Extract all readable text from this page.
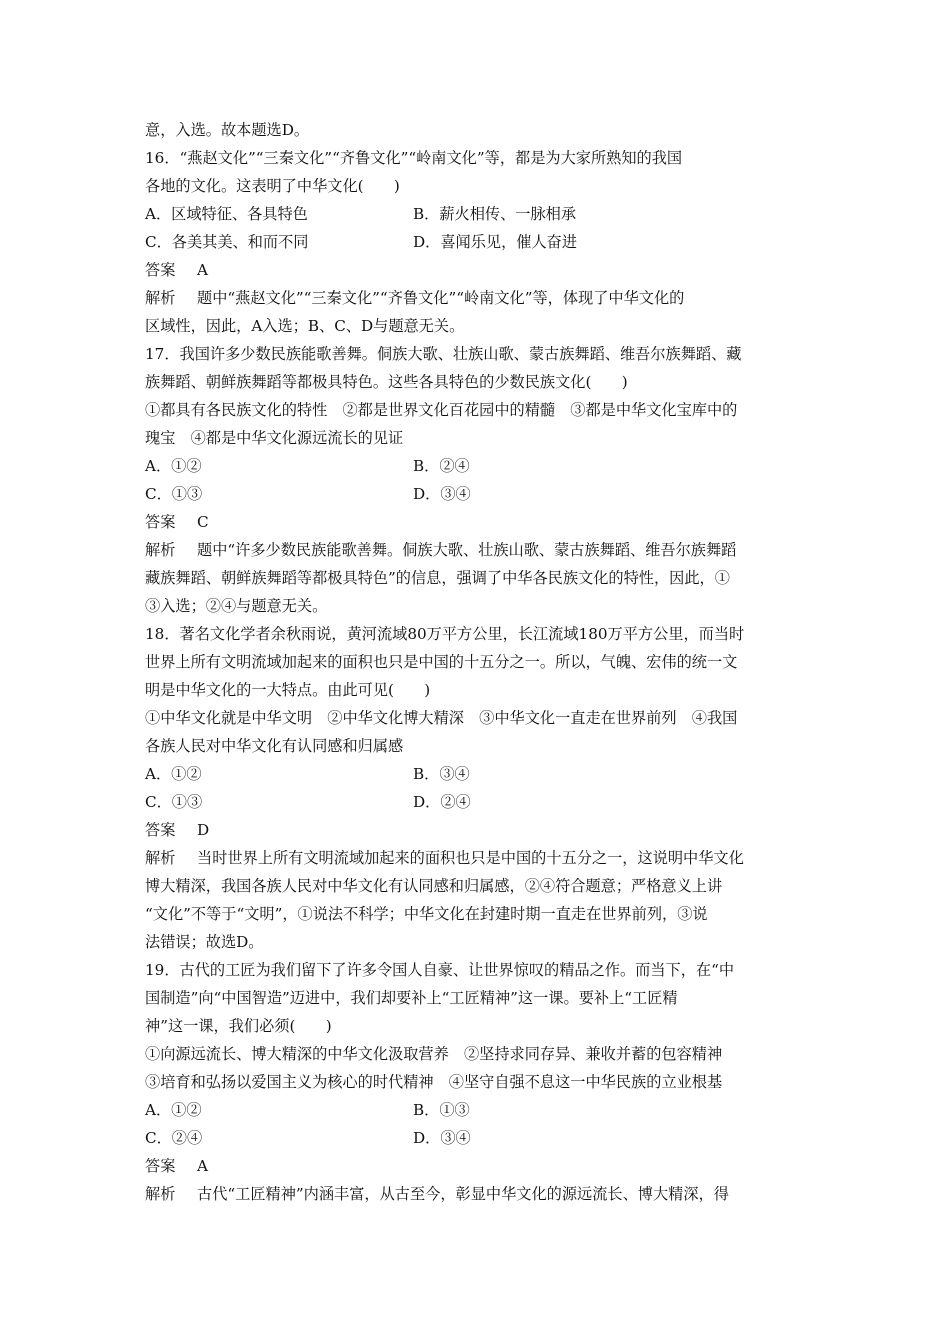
意，入选。故本题选D。
16．“燕赵文化”“三秦文化”“齐鲁文化”“岭南文化”等，都是为大家所熟知的我国
各地的文化。这表明了中华文化(　　)
A．区域特征、各具特色	B．薪火相传、一脉相承
C．各美其美、和而不同	D．喜闻乐见，催人奋进
答案 A
解析 题中“燕赵文化”“三秦文化”“齐鲁文化”“岭南文化”等，体现了中华文化的
区域性，因此，A入选；B、C、D与题意无关。
17．我国许多少数民族能歌善舞。侗族大歌、壮族山歌、蒙古族舞蹈、维吾尔族舞蹈、藏
族舞蹈、朝鲜族舞蹈等都极具特色。这些各具特色的少数民族文化(　　)
①都具有各民族文化的特性　②都是世界文化百花园中的精髓　③都是中华文化宝库中的
瑰宝　④都是中华文化源远流长的见证
A．①②	B．②④
C．①③	D．③④
答案 C
解析 题中“许多少数民族能歌善舞。侗族大歌、壮族山歌、蒙古族舞蹈、维吾尔族舞蹈
藏族舞蹈、朝鲜族舞蹈等都极具特色”的信息，强调了中华各民族文化的特性，因此，①
③入选；②④与题意无关。
18．著名文化学者余秋雨说，黄河流域80万平方公里，长江流域180万平方公里，而当时
世界上所有文明流域加起来的面积也只是中国的十五分之一。所以，气魄、宏伟的统一文
明是中华文化的一大特点。由此可见(　　)
①中华文化就是中华文明　②中华文化博大精深　③中华文化一直走在世界前列　④我国
各族人民对中华文化有认同感和归属感
A．①②	B．③④
C．①③	D．②④
答案 D
解析 当时世界上所有文明流域加起来的面积也只是中国的十五分之一，这说明中华文化
博大精深，我国各族人民对中华文化有认同感和归属感，②④符合题意；严格意义上讲
“文化”不等于“文明”，①说法不科学；中华文化在封建时期一直走在世界前列，③说
法错误；故选D。
19．古代的工匠为我们留下了许多令国人自豪、让世界惊叹的精品之作。而当下，在“中
国制造”向“中国智造”迈进中，我们却要补上“工匠精神”这一课。要补上“工匠精
神”这一课，我们必须(　　)
①向源远流长、博大精深的中华文化汲取营养　②坚持求同存异、兼收并蓄的包容精神
③培育和弘扬以爱国主义为核心的时代精神　④坚守自强不息这一中华民族的立业根基
A．①②	B．①③
C．②④	D．③④
答案 A
解析 古代“工匠精神”内涵丰富，从古至今，彰显中华文化的源远流长、博大精深，得
